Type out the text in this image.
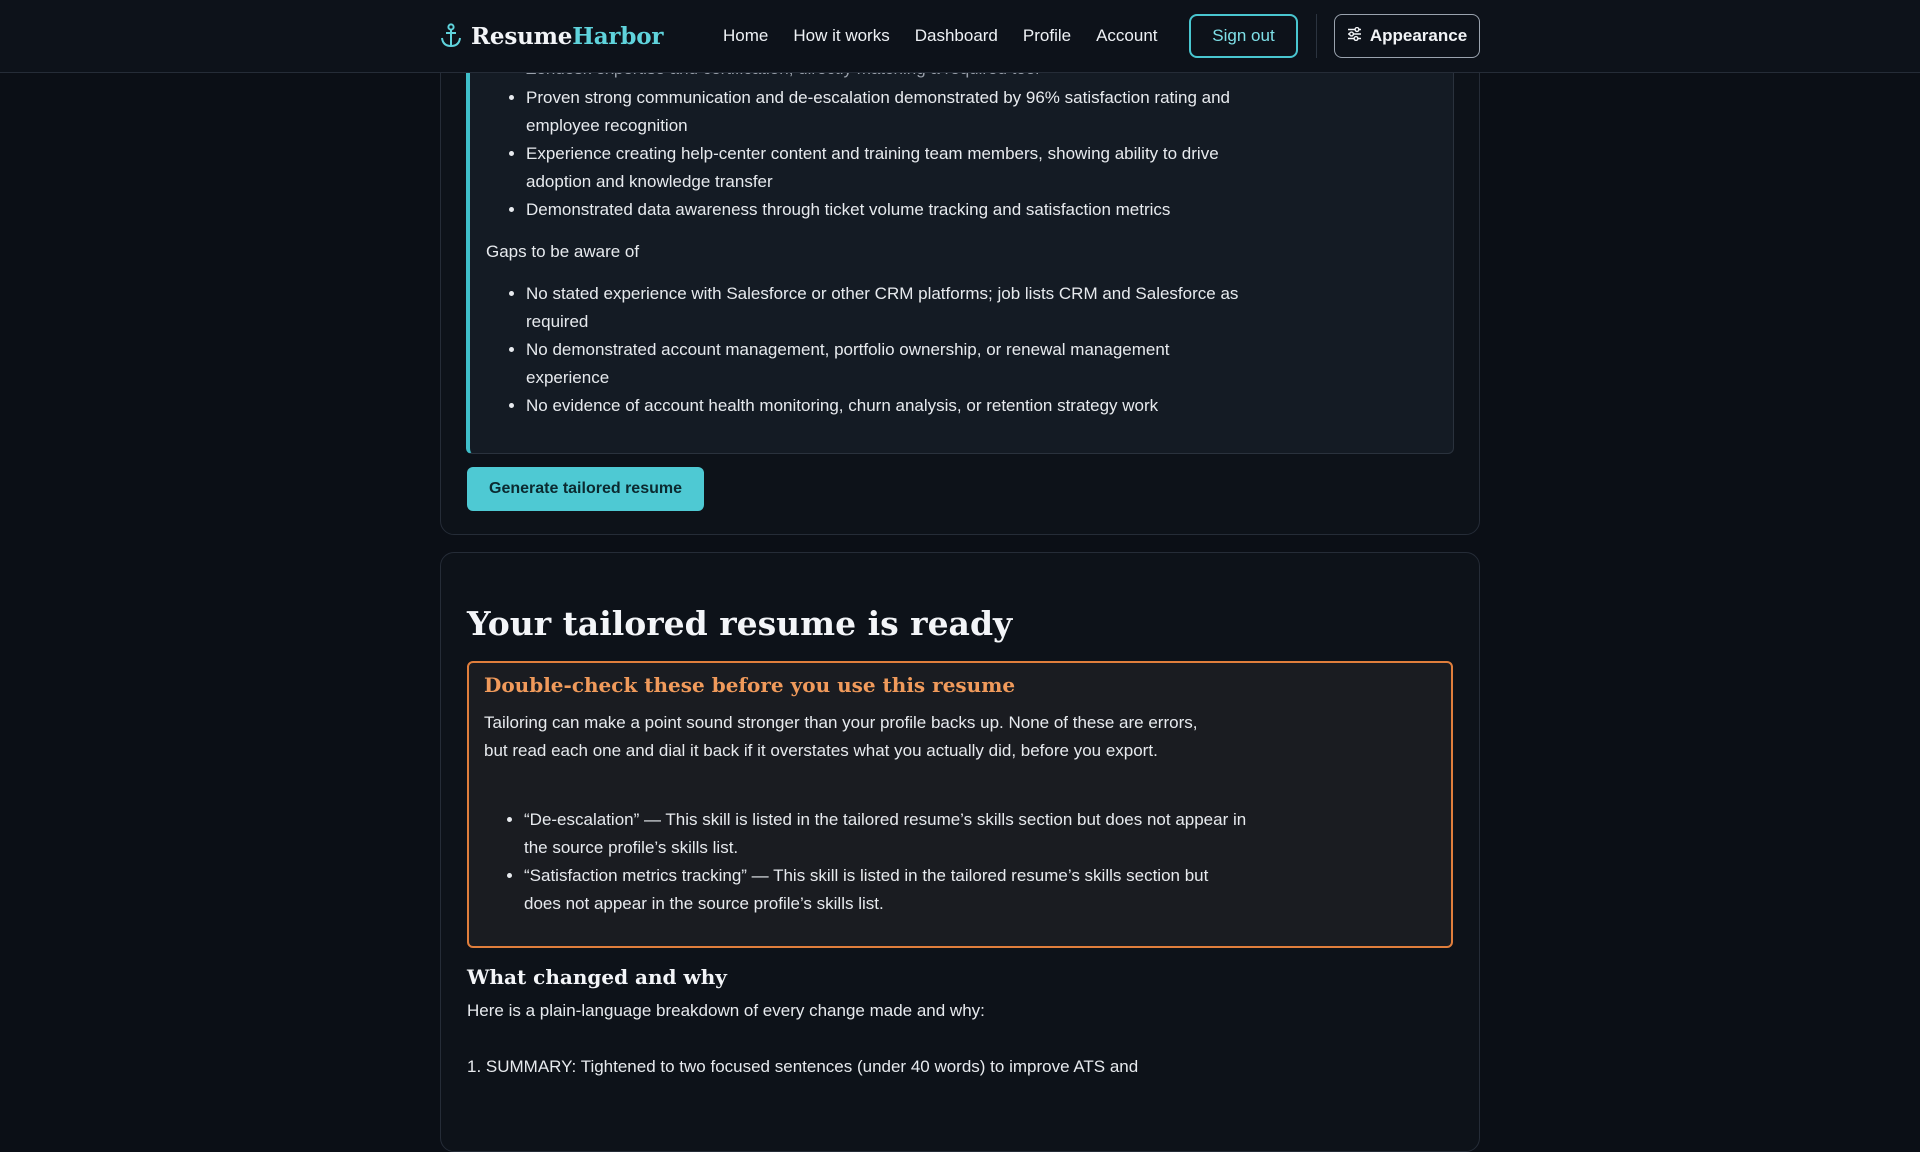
• Proven strong communication and de-escalation demonstrated by 96% satisfaction rating and employee recognition
• Experience creating help-center content and training team members, showing ability to drive adoption and knowledge transfer
• Demonstrated data awareness through ticket volume tracking and satisfaction metrics
Gaps to be aware of
• No stated experience with Salesforce or other CRM platforms; job lists CRM and Salesforce as required
• No demonstrated account management, portfolio ownership, or renewal management experience
• No evidence of account health monitoring, churn analysis, or retention strategy work
Generate tailored resume
Your tailored resume is ready
Double-check these before you use this resume
Tailoring can make a point sound stronger than your profile backs up. None of these are errors, but read each one and dial it back if it overstates what you actually did, before you export.
• “De-escalation” — This skill is listed in the tailored resume’s skills section but does not appear in the source profile’s skills list.
• “Satisfaction metrics tracking” — This skill is listed in the tailored resume’s skills section but does not appear in the source profile’s skills list.
What changed and why
Here is a plain-language breakdown of every change made and why:
1. SUMMARY: Tightened to two focused sentences (under 40 words) to improve ATS and
Resume Harbor	Home How it works Dashboard Profile Account	Sign out	Appearance
